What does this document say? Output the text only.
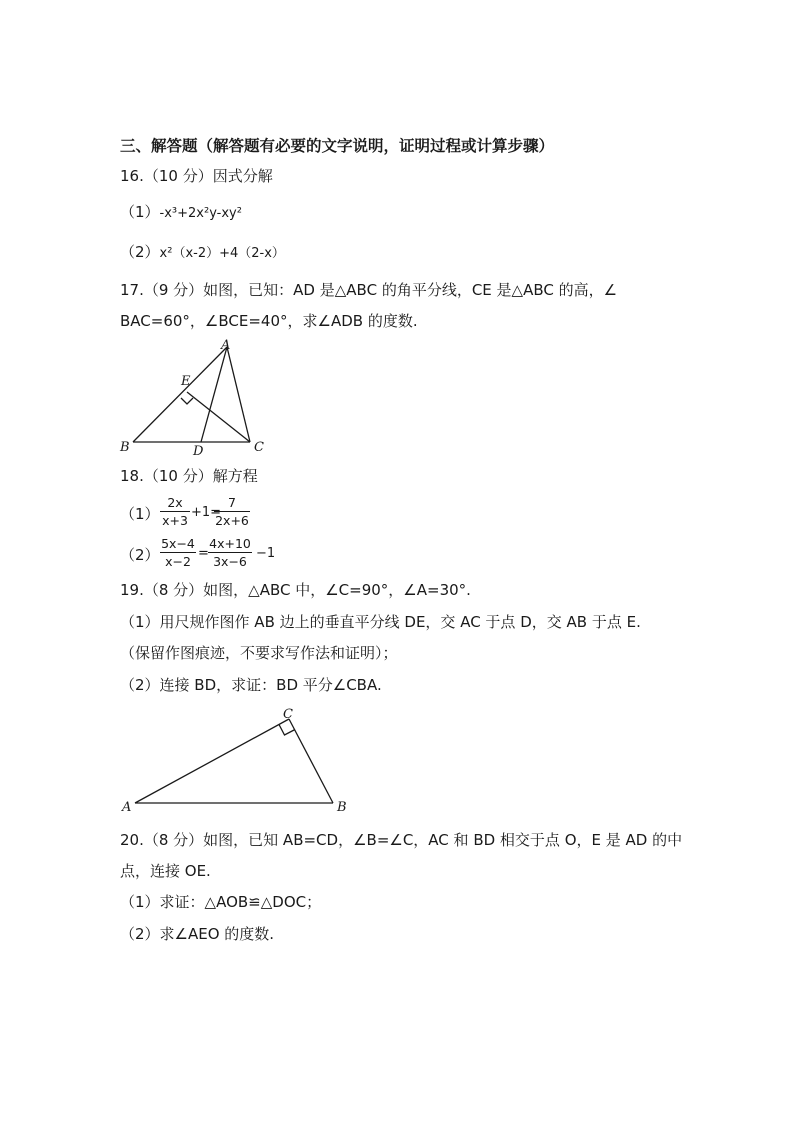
三、解答题（解答题有必要的文字说明，证明过程或计算步骤）
16.（10 分）因式分解
（1）-x³+2x²y-xy²
（2）x²（x-2）+4（2-x）
17.（9 分）如图，已知：AD 是△ABC 的角平分线，CE 是△ABC 的高，∠
BAC=60°，∠BCE=40°，求∠ADB 的度数.
A
B	C
D
E
18.（10 分）解方程
$(1) \frac{2x}{x+3} +1=$
$\frac{7}{2x+6}$
$(2) \frac{5x-4}{x-2} = \frac{4x+10}{3x-6} -1$
19.（8 分）如图，△ABC 中，∠C=90°，∠A=30°.
（1）用尺规作图作 AB 边上的垂直平分线 DE，交 AC 于点 D，交 AB 于点 E.
（保留作图痕迹，不要求写作法和证明）；
（2）连接 BD，求证：BD 平分∠CBA.
C
A	B
20.（8 分）如图，已知 AB=CD，∠B=∠C，AC 和 BD 相交于点 O，E 是 AD 的中
点，连接 OE.
（1）求证：△AOB≌△DOC；
（2）求∠AEO 的度数.
